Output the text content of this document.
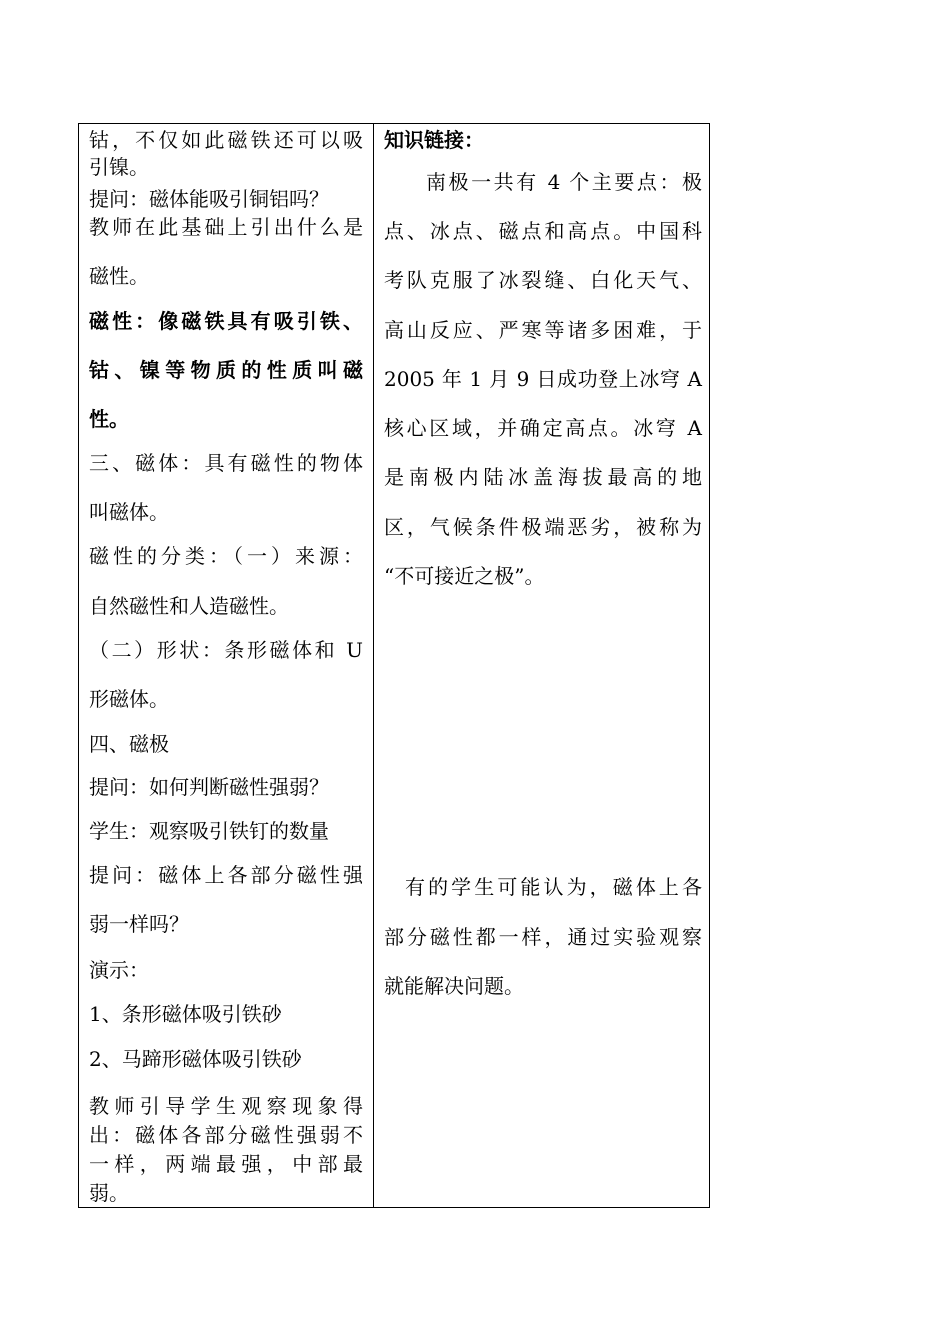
钴，不仅如此磁铁还可以吸
引镍。
提问：磁体能吸引铜铝吗？
教师在此基础上引出什么是
磁性。
磁性：像磁铁具有吸引铁、
钴、镍等物质的性质叫磁
性。
三、磁体：具有磁性的物体
叫磁体。
磁性的分类：（一）来源：
自然磁性和人造磁性。
（二）形状：条形磁体和 U
形磁体。
四、磁极
提问：如何判断磁性强弱？
学生：观察吸引铁钉的数量
提问：磁体上各部分磁性强
弱一样吗？
演示：
1、条形磁体吸引铁砂
2、马蹄形磁体吸引铁砂
教师引导学生观察现象得
出：磁体各部分磁性强弱不
一样，两端最强，中部最
弱。
知识链接：
南极一共有 4 个主要点：极
点、冰点、磁点和高点。中国科
考队克服了冰裂缝、白化天气、
高山反应、严寒等诸多困难，于
2005 年 1 月 9 日成功登上冰穹 A
核心区域，并确定高点。冰穹 A
是南极内陆冰盖海拔最高的地
区，气候条件极端恶劣，被称为
“不可接近之极”。
有的学生可能认为，磁体上各
部分磁性都一样，通过实验观察
就能解决问题。
